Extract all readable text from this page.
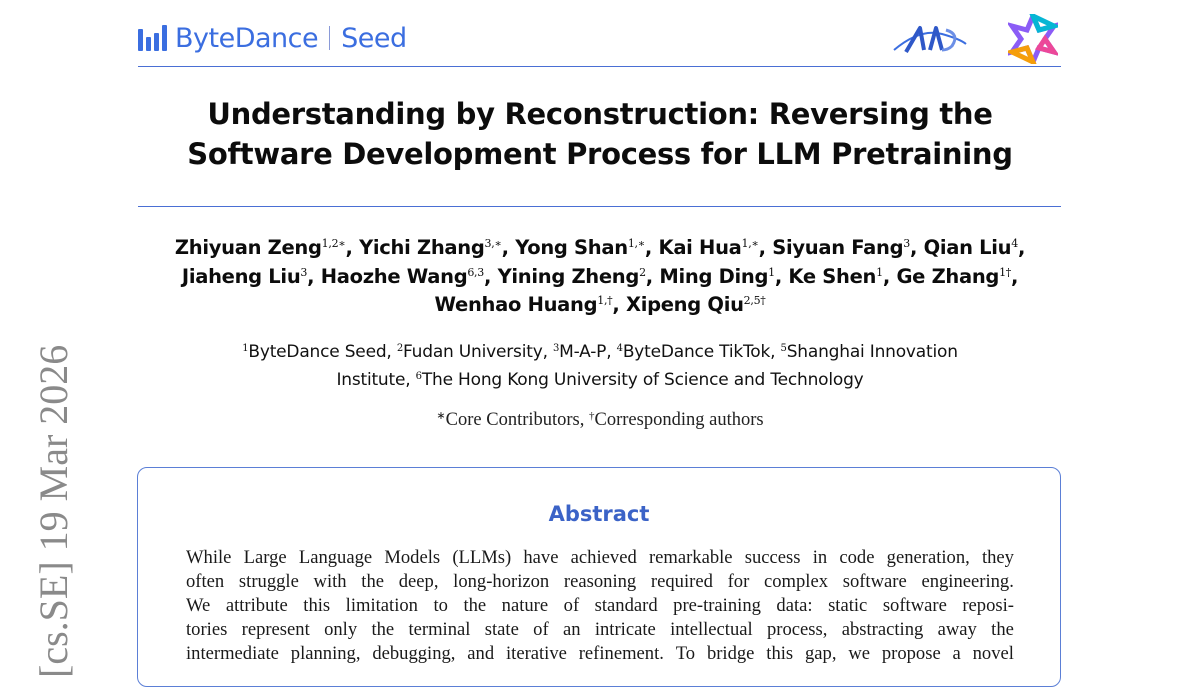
ByteDance Seed
Understanding by Reconstruction: Reversing the
Software Development Process for LLM Pretraining
Zhiyuan Zeng$^{1,2∗}$, Yichi Zhang$^{3,∗}$, Yong Shan$^{1,∗}$, Kai Hua$^{1,∗}$, Siyuan Fang$^3$, Qian Liu$^4$,
Jiaheng Liu$^3$, Haozhe Wang$^{6,3}$, Yining Zheng$^2$, Ming Ding$^1$, Ke Shen$^1$, Ge Zhang$^{1\dagger}$,
Wenhao Huang$^{1,\dagger}$, Xipeng Qiu$^{2,5\dagger}$
$^1$ByteDance Seed, $^2$Fudan University, $^3$M-A-P, $^4$ByteDance TikTok, $^5$Shanghai Innovation
Institute, $^6$The Hong Kong University of Science and Technology
∗Core Contributors, †Corresponding authors
Abstract
While Large Language Models (LLMs) have achieved remarkable success in code generation, they
often struggle with the deep, long-horizon reasoning required for complex software engineering.
We attribute this limitation to the nature of standard pre-training data: static software reposi-
tories represent only the terminal state of an intricate intellectual process, abstracting away the
intermediate planning, debugging, and iterative refinement. To bridge this gap, we propose a novel
[cs.SE] 19 Mar 2026
